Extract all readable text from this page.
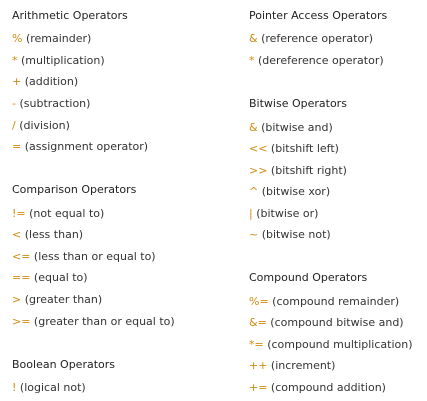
Arithmetic Operators
% (remainder)
* (multiplication)
+ (addition)
- (subtraction)
/ (division)
= (assignment operator)
Comparison Operators
!= (not equal to)
< (less than)
<= (less than or equal to)
== (equal to)
> (greater than)
>= (greater than or equal to)
Boolean Operators
! (logical not)
Pointer Access Operators
& (reference operator)
* (dereference operator)
Bitwise Operators
& (bitwise and)
<< (bitshift left)
>> (bitshift right)
^ (bitwise xor)
| (bitwise or)
~ (bitwise not)
Compound Operators
%= (compound remainder)
&= (compound bitwise and)
*= (compound multiplication)
++ (increment)
+= (compound addition)
